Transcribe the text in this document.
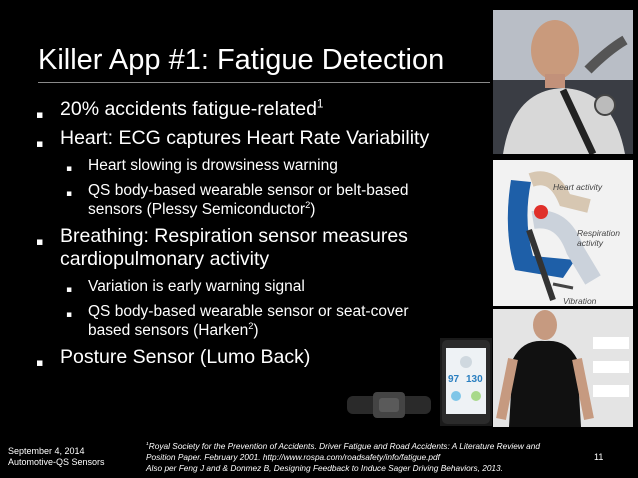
Killer App #1: Fatigue Detection
▪ 20% accidents fatigue-related$^1$
▪ Heart: ECG captures Heart Rate Variability
▪ Heart slowing is drowsiness warning
▪ QS body-based wearable sensor or belt-based sensors (Plessy Semiconductor$^2$)
▪ Breathing: Respiration sensor measures cardiopulmonary activity
▪ Variation is early warning signal
▪ QS body-based wearable sensor or seat-cover based sensors (Harken$^2$)
▪ Posture Sensor (Lumo Back)
Heart activity
Respiration activity
Vibration
97 130
September 4, 2014
Automotive-QS Sensors
$^1$Royal Society for the Prevention of Accidents. Driver Fatigue and Road Accidents: A Literature Review and
Position Paper. February 2001. http://www.rospa.com/roadsafety/info/fatigue.pdf
Also per Feng J and & Donmez B, Designing Feedback to Induce Sager Driving Behaviors, 2013.
11
